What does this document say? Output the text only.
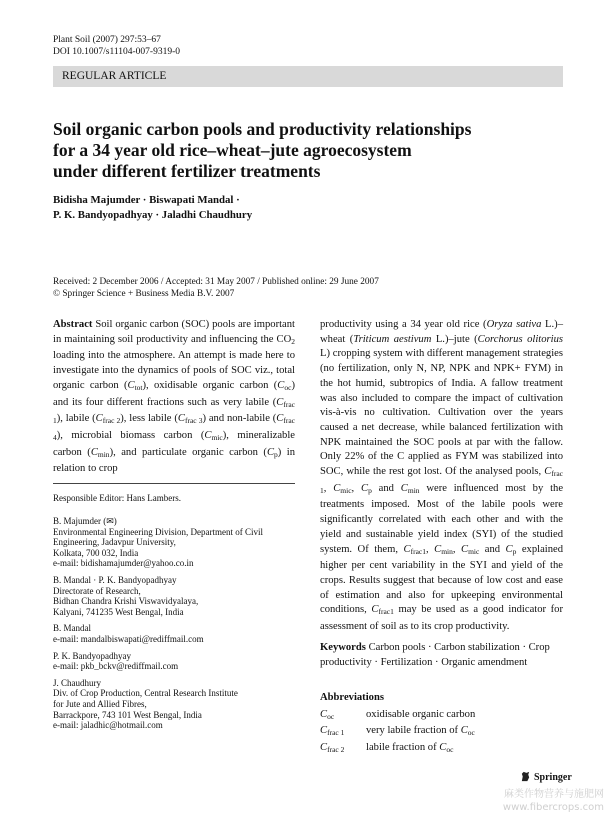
Plant Soil (2007) 297:53–67
DOI 10.1007/s11104-007-9319-0
REGULAR ARTICLE
Soil organic carbon pools and productivity relationships
for a 34 year old rice–wheat–jute agroecosystem
under different fertilizer treatments
Bidisha Majumder · Biswapati Mandal ·
P. K. Bandyopadhyay · Jaladhi Chaudhury
Received: 2 December 2006 / Accepted: 31 May 2007 / Published online: 29 June 2007
© Springer Science + Business Media B.V. 2007
Abstract Soil organic carbon (SOC) pools are important in maintaining soil productivity and influencing the $CO_2$ loading into the atmosphere. An attempt is made here to investigate into the dynamics of pools of SOC viz., total organic carbon $(C_{tot})$, oxidisable organic carbon $(C_{oc})$ and its four different fractions such as very labile $(C_{frac 1})$, labile $(C_{frac 2})$, less labile $(C_{frac 3})$ and non-labile $(C_{frac 4})$, microbial biomass carbon $(C_{mic})$, mineralizable carbon $(C_{min})$, and particulate organic carbon $(C_p)$ in relation to crop
Responsible Editor: Hans Lambers.
B. Majumder (✉)
Environmental Engineering Division, Department of Civil
Engineering, Jadavpur University,
Kolkata, 700 032, India
e-mail: bidishamajumder@yahoo.co.in
B. Mandal · P. K. Bandyopadhyay
Directorate of Research,
Bidhan Chandra Krishi Viswavidyalaya,
Kalyani, 741235 West Bengal, India
B. Mandal
e-mail: mandalbiswapati@rediffmail.com
P. K. Bandyopadhyay
e-mail: pkb_bckv@rediffmail.com
J. Chaudhury
Div. of Crop Production, Central Research Institute
for Jute and Allied Fibres,
Barrackpore, 743 101 West Bengal, India
e-mail: jaladhic@hotmail.com
productivity using a 34 year old rice (Oryza sativa L.)–wheat (Triticum aestivum L.)–jute (Corchorus olitorius L) cropping system with different management strategies (no fertilization, only N, NP, NPK and NPK+ FYM) in the hot humid, subtropics of India. A fallow treatment was also included to compare the impact of cultivation vis-à-vis no cultivation. Cultivation over the years caused a net decrease, while balanced fertilization with NPK maintained the SOC pools at par with the fallow. Only 22% of the C applied as FYM was stabilized into SOC, while the rest got lost. Of the analysed pools, $C_{frac 1}$, $C_{mic}$, $C_p$ and $C_{min}$ were influenced most by the treatments imposed. Most of the labile pools were significantly correlated with each other and with the yield and sustainable yield index (SYI) of the studied system. Of them, $C_{frac1}$, $C_{min}$, $C_{mic}$ and $C_p$ explained higher per cent variability in the SYI and yield of the crops. Results suggest that because of low cost and ease of estimation and also for upkeeping environmental conditions, $C_{frac1}$ may be used as a good indicator for assessment of soil as to its crop productivity.
Keywords Carbon pools · Carbon stabilization · Crop productivity · Fertilization · Organic amendment
Abbreviations
$C_{oc}$	oxidisable organic carbon
$C_{frac 1}$	very labile fraction of $C_{oc}$
$C_{frac 2}$	labile fraction of $C_{oc}$
Springer
麻类作物营养与施肥网
www.fibercrops.com
